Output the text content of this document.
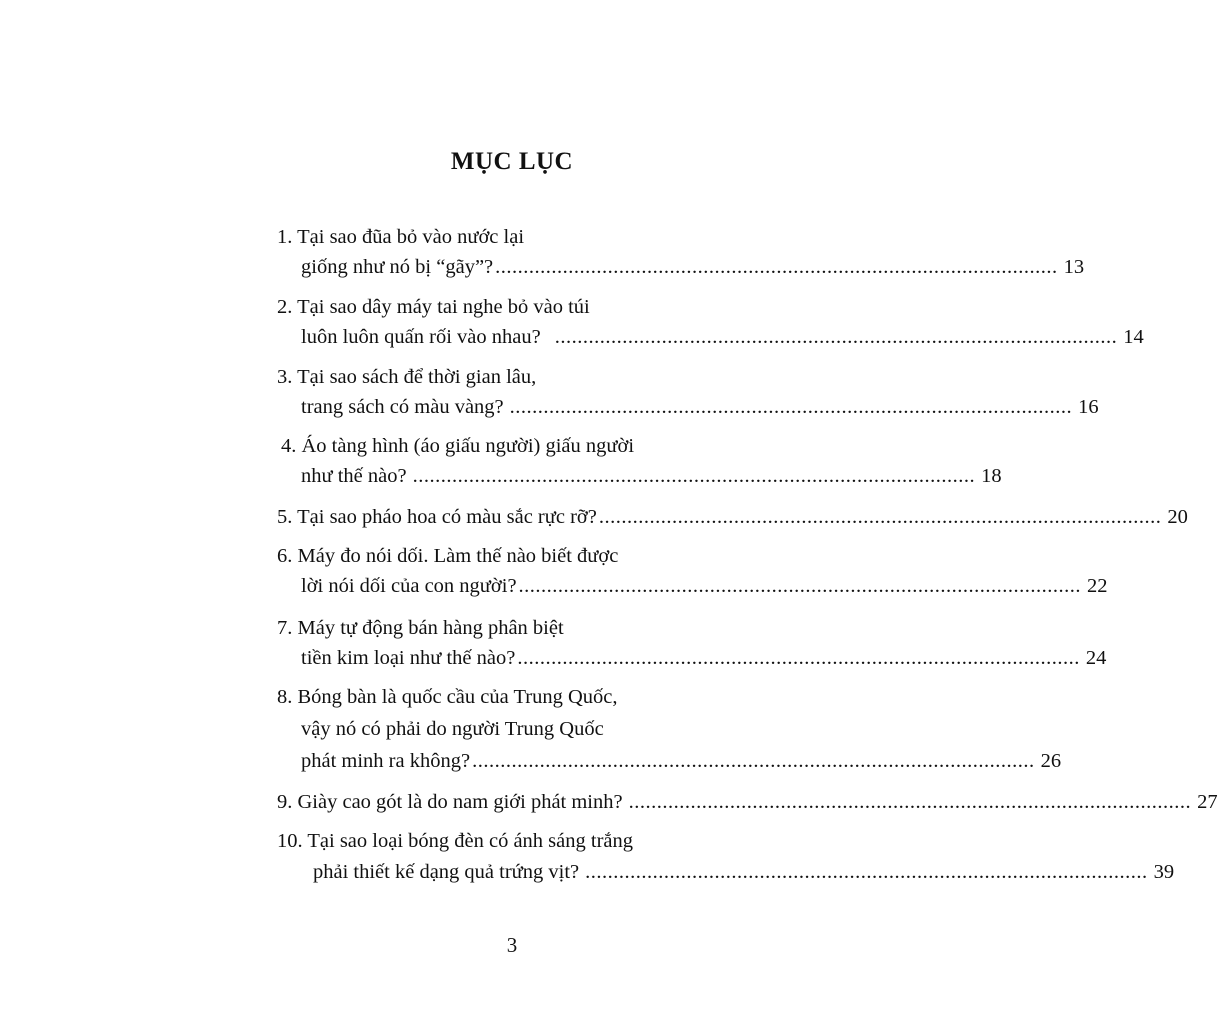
MỤC LỤC
1. Tại sao đũa bỏ vào nước lại
giống như nó bị “gãy”? .................................................................................................... 13
2. Tại sao dây máy tai nghe bỏ vào túi
luôn luôn quấn rối vào nhau? .................................................................................................... 14
3. Tại sao sách để thời gian lâu,
trang sách có màu vàng? .................................................................................................... 16
4. Áo tàng hình (áo giấu người) giấu người
như thế nào? .................................................................................................... 18
5. Tại sao pháo hoa có màu sắc rực rỡ? .................................................................................................... 20
6. Máy đo nói dối. Làm thế nào biết được
lời nói dối của con người? .................................................................................................... 22
7. Máy tự động bán hàng phân biệt
tiền kim loại như thế nào? .................................................................................................... 24
8. Bóng bàn là quốc cầu của Trung Quốc,
vậy nó có phải do người Trung Quốc
phát minh ra không? .................................................................................................... 26
9. Giày cao gót là do nam giới phát minh? .................................................................................................... 27
10. Tại sao loại bóng đèn có ánh sáng trắng
phải thiết kế dạng quả trứng vịt? .................................................................................................... 39
3
